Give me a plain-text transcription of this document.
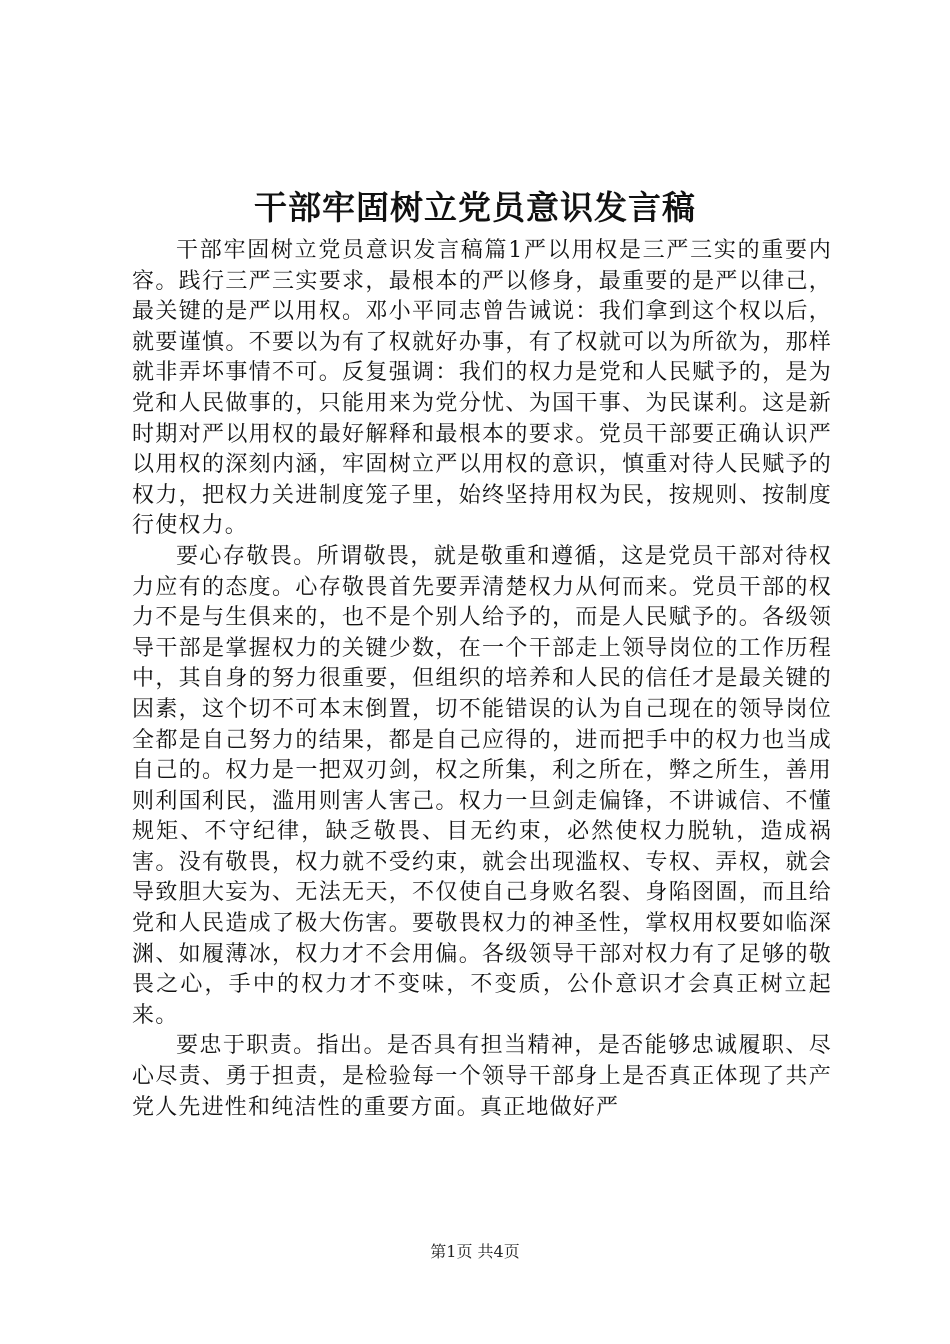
干部牢固树立党员意识发言稿

干部牢固树立党员意识发言稿篇1严以用权是三严三实的重要内容。践行三严三实要求，最根本的严以修身，最重要的是严以律己，最关键的是严以用权。邓小平同志曾告诫说：我们拿到这个权以后，就要谨慎。不要以为有了权就好办事，有了权就可以为所欲为，那样就非弄坏事情不可。反复强调：我们的权力是党和人民赋予的，是为党和人民做事的，只能用来为党分忧、为国干事、为民谋利。这是新时期对严以用权的最好解释和最根本的要求。党员干部要正确认识严以用权的深刻内涵，牢固树立严以用权的意识，慎重对待人民赋予的权力，把权力关进制度笼子里，始终坚持用权为民，按规则、按制度行使权力。

要心存敬畏。所谓敬畏，就是敬重和遵循，这是党员干部对待权力应有的态度。心存敬畏首先要弄清楚权力从何而来。党员干部的权力不是与生俱来的，也不是个别人给予的，而是人民赋予的。各级领导干部是掌握权力的关键少数，在一个干部走上领导岗位的工作历程中，其自身的努力很重要，但组织的培养和人民的信任才是最关键的因素，这个切不可本末倒置，切不能错误的认为自己现在的领导岗位全都是自己努力的结果，都是自己应得的，进而把手中的权力也当成自己的。权力是一把双刃剑，权之所集，利之所在，弊之所生，善用则利国利民，滥用则害人害己。权力一旦剑走偏锋，不讲诚信、不懂规矩、不守纪律，缺乏敬畏、目无约束，必然使权力脱轨，造成祸害。没有敬畏，权力就不受约束，就会出现滥权、专权、弄权，就会导致胆大妄为、无法无天，不仅使自己身败名裂、身陷囹圄，而且给党和人民造成了极大伤害。要敬畏权力的神圣性，掌权用权要如临深渊、如履薄冰，权力才不会用偏。各级领导干部对权力有了足够的敬畏之心，手中的权力才不变味，不变质，公仆意识才会真正树立起来。

要忠于职责。指出。是否具有担当精神，是否能够忠诚履职、尽心尽责、勇于担责，是检验每一个领导干部身上是否真正体现了共产党人先进性和纯洁性的重要方面。真正地做好严

第1页 共4页
